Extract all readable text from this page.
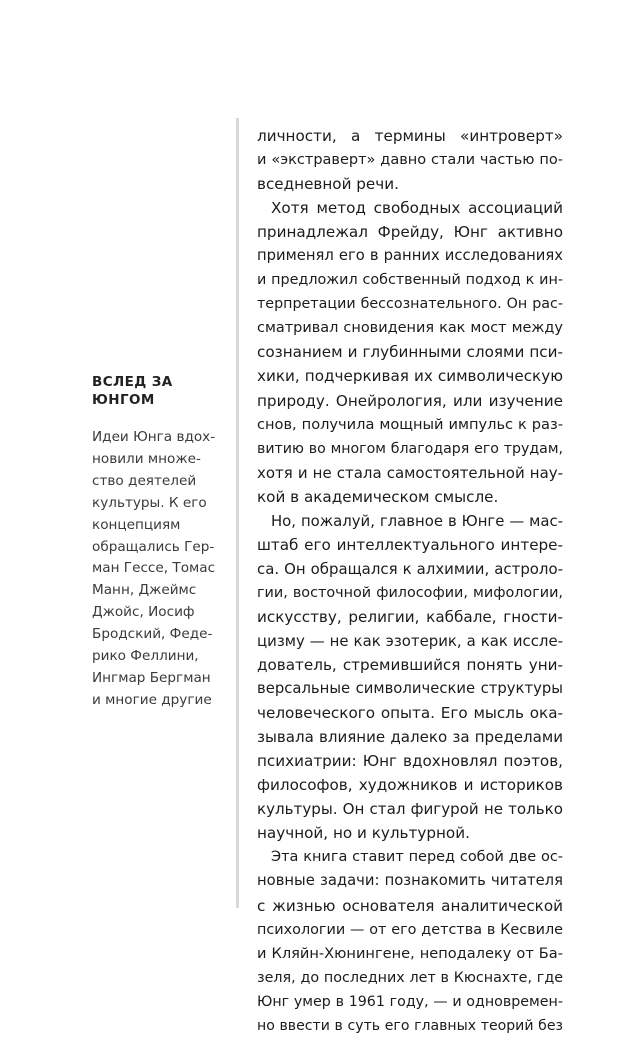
ВСЛЕД ЗА ЮНГОМ
Идеи Юнга вдох-
новили множе-
ство деятелей
культуры. К его
концепциям
обращались Гер-
ман Гессе, Томас
Манн, Джеймс
Джойс, Иосиф
Бродский, Феде-
рико Феллини,
Ингмар Бергман
и многие другие
личности, а термины «интроверт»
и «экстраверт» давно стали частью по-
вседневной речи.
Хотя метод свободных ассоциаций
принадлежал Фрейду, Юнг активно
применял его в ранних исследованиях
и предложил собственный подход к ин-
терпретации бессознательного. Он рас-
сматривал сновидения как мост между
сознанием и глубинными слоями пси-
хики, подчеркивая их символическую
природу. Онейрология, или изучение
снов, получила мощный импульс к раз-
витию во многом благодаря его трудам,
хотя и не стала самостоятельной нау-
кой в академическом смысле.
Но, пожалуй, главное в Юнге — мас-
штаб его интеллектуального интере-
са. Он обращался к алхимии, астроло-
гии, восточной философии, мифологии,
искусству, религии, каббале, гности-
цизму — не как эзотерик, а как иссле-
дователь, стремившийся понять уни-
версальные символические структуры
человеческого опыта. Его мысль ока-
зывала влияние далеко за пределами
психиатрии: Юнг вдохновлял поэтов,
философов, художников и историков
культуры. Он стал фигурой не только
научной, но и культурной.
Эта книга ставит перед собой две ос-
новные задачи: познакомить читателя
с жизнью основателя аналитической
психологии — от его детства в Кесвиле
и Кляйн-Хюнингене, неподалеку от Ба-
зеля, до последних лет в Кюснахте, где
Юнг умер в 1961 году, — и одновремен-
но ввести в суть его главных теорий без
